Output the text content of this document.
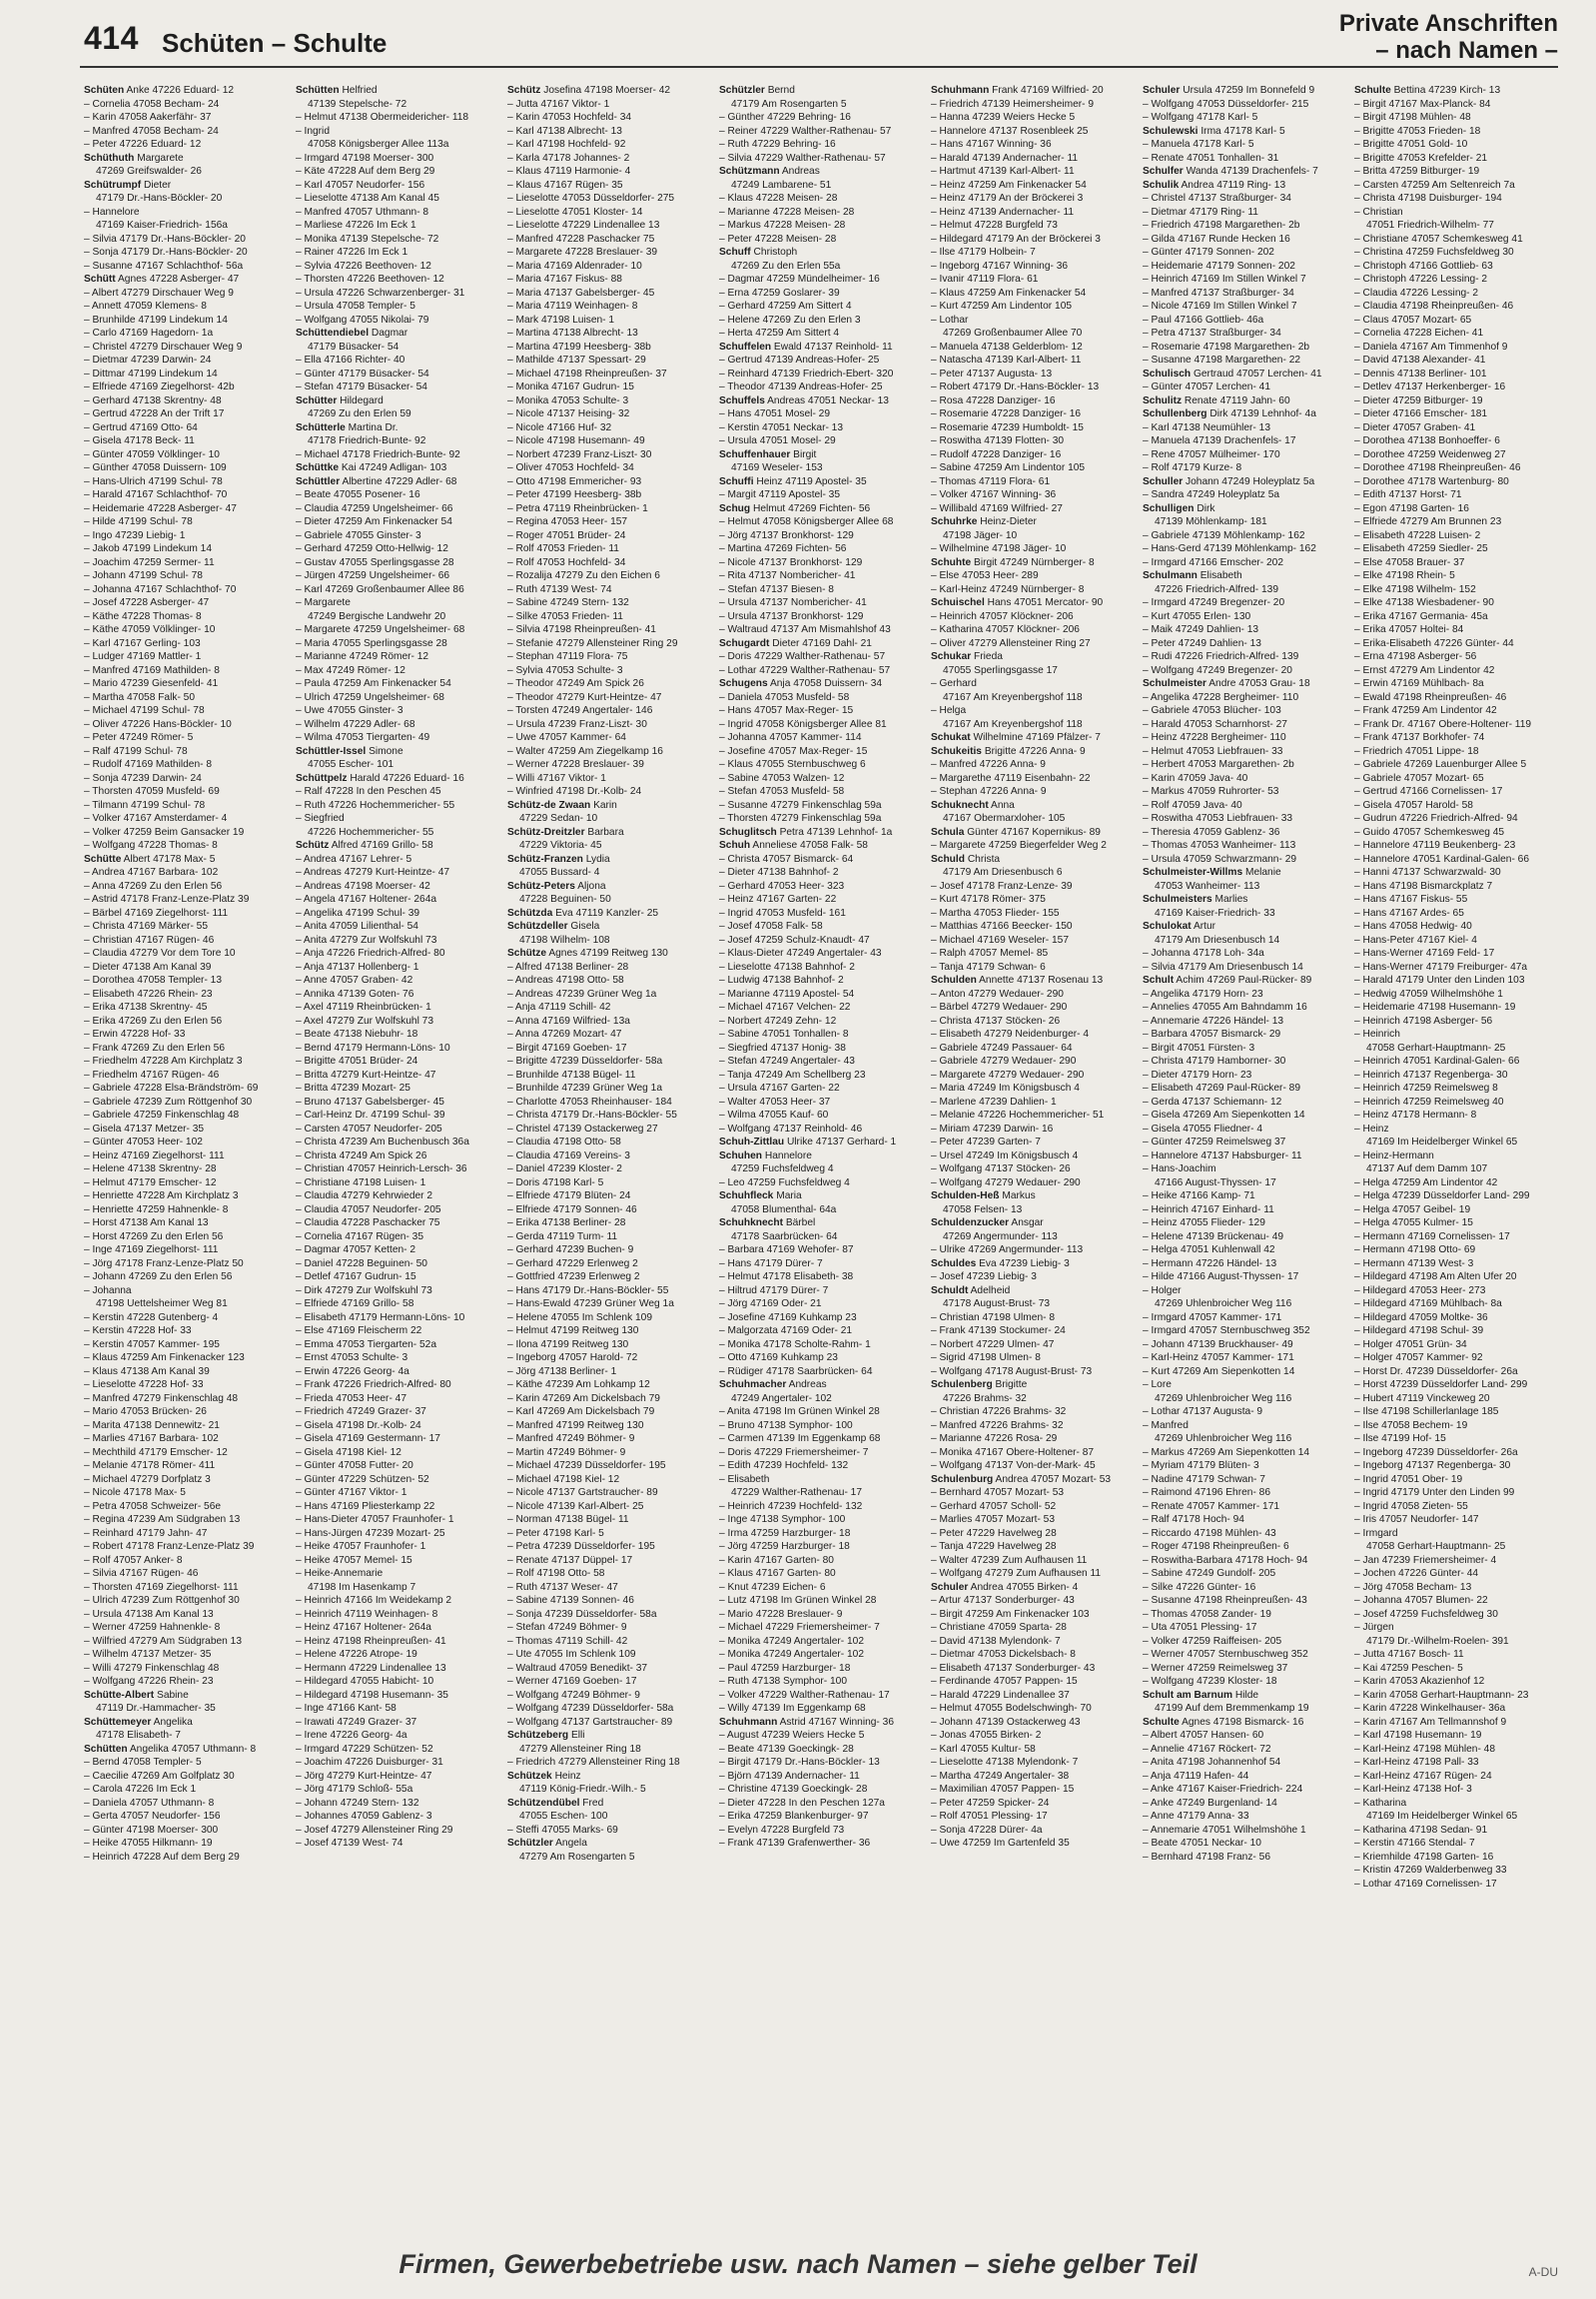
414 Schüten – Schulte
Private Anschriften
– nach Namen –
Schüten Anke 47226 Eduard- 12
– Cornelia 47058 Becham- 24
– Karin 47058 Aakerfähr- 37
– Manfred 47058 Becham- 24
– Peter 47226 Eduard- 12
Schüthuth Margarete
47269 Greifswalder- 26
Schütrumpf Dieter
47179 Dr.-Hans-Böckler- 20
– Hannelore
47169 Kaiser-Friedrich- 156a
– Silvia 47179 Dr.-Hans-Böckler- 20
– Sonja 47179 Dr.-Hans-Böckler- 20
– Susanne 47167 Schlachthof- 56a
Schütt Agnes 47228 Asberger- 47
– Albert 47279 Dirschauer Weg 9
– Annett 47059 Klemens- 8
– Brunhilde 47199 Lindekum 14
– Carlo 47169 Hagedorn- 1a
– Christel 47279 Dirschauer Weg 9
– Dietmar 47239 Darwin- 24
– Dittmar 47199 Lindekum 14
– Elfriede 47169 Ziegelhorst- 42b
– Gerhard 47138 Skrentny- 48
– Gertrud 47228 An der Trift 17
– Gertrud 47169 Otto- 64
– Gisela 47178 Beck- 11
– Günter 47059 Völklinger- 10
– Günther 47058 Duissern- 109
– Hans-Ulrich 47199 Schul- 78
– Harald 47167 Schlachthof- 70
– Heidemarie 47228 Asberger- 47
– Hilde 47199 Schul- 78
– Ingo 47239 Liebig- 1
– Jakob 47199 Lindekum 14
– Joachim 47259 Sermer- 11
– Johann 47199 Schul- 78
– Johanna 47167 Schlachthof- 70
– Josef 47228 Asberger- 47
– Käthe 47228 Thomas- 8
– Käthe 47059 Völklinger- 10
– Karl 47167 Gerling- 103
– Ludger 47169 Mattler- 1
– Manfred 47169 Mathilden- 8
– Mario 47239 Giesenfeld- 41
– Martha 47058 Falk- 50
– Michael 47199 Schul- 78
– Oliver 47226 Hans-Böckler- 10
– Peter 47249 Römer- 5
– Ralf 47199 Schul- 78
– Rudolf 47169 Mathilden- 8
– Sonja 47239 Darwin- 24
– Thorsten 47059 Musfeld- 69
– Tilmann 47199 Schul- 78
– Volker 47167 Amsterdamer- 4
– Volker 47259 Beim Gansacker 19
– Wolfgang 47228 Thomas- 8
Schütte Albert 47178 Max- 5
– Andrea 47167 Barbara- 102
– Anna 47269 Zu den Erlen 56
– Astrid 47178 Franz-Lenze-Platz 39
– Bärbel 47169 Ziegelhorst- 111
– Christa 47169 Märker- 55
– Christian 47167 Rügen- 46
– Claudia 47279 Vor dem Tore 10
– Dieter 47138 Am Kanal 39
– Dorothea 47058 Templer- 13
– Elisabeth 47226 Rhein- 23
– Erika 47138 Skrentny- 45
– Erika 47269 Zu den Erlen 56
– Erwin 47228 Hof- 33
– Frank 47269 Zu den Erlen 56
– Friedhelm 47228 Am Kirchplatz 3
– Friedhelm 47167 Rügen- 46
– Gabriele 47228 Elsa-Brändström- 69
– Gabriele 47239 Zum Röttgenhof 30
– Gabriele 47259 Finkenschlag 48
– Gisela 47137 Metzer- 35
– Günter 47053 Heer- 102
– Heinz 47169 Ziegelhorst- 111
– Helene 47138 Skrentny- 28
– Helmut 47179 Emscher- 12
– Henriette 47228 Am Kirchplatz 3
– Henriette 47259 Hahnenkle- 8
– Horst 47138 Am Kanal 13
– Horst 47269 Zu den Erlen 56
– Inge 47169 Ziegelhorst- 111
– Jörg 47178 Franz-Lenze-Platz 50
– Johann 47269 Zu den Erlen 56
– Johanna
47198 Uettelsheimer Weg 81
– Kerstin 47228 Gutenberg- 4
– Kerstin 47228 Hof- 33
– Kerstin 47057 Kammer- 195
– Klaus 47259 Am Finkenacker 123
– Klaus 47138 Am Kanal 39
– Lieselotte 47228 Hof- 33
– Manfred 47279 Finkenschlag 48
– Mario 47053 Brücken- 26
– Marita 47138 Dennewitz- 21
– Marlies 47167 Barbara- 102
– Mechthild 47179 Emscher- 12
– Melanie 47178 Römer- 411
– Michael 47279 Dorfplatz 3
– Nicole 47178 Max- 5
– Petra 47058 Schweizer- 56e
– Regina 47239 Am Südgraben 13
– Reinhard 47179 Jahn- 47
– Robert 47178 Franz-Lenze-Platz 39
– Rolf 47057 Anker- 8
– Silvia 47167 Rügen- 46
– Thorsten 47169 Ziegelhorst- 111
– Ulrich 47239 Zum Röttgenhof 30
– Ursula 47138 Am Kanal 13
– Werner 47259 Hahnenkle- 8
– Wilfried 47279 Am Südgraben 13
– Wilhelm 47137 Metzer- 35
– Willi 47279 Finkenschlag 48
– Wolfgang 47226 Rhein- 23
Schütte-Albert Sabine
47119 Dr.-Hammacher- 35
Schüttemeyer Angelika
47178 Elisabeth- 7
Schütten Angelika 47057 Uthmann- 8
– Bernd 47058 Templer- 5
– Caecilie 47269 Am Golfplatz 30
– Carola 47226 Im Eck 1
– Daniela 47057 Uthmann- 8
– Gerta 47057 Neudorfer- 156
– Günter 47198 Moerser- 300
– Heike 47055 Hilkmann- 19
– Heinrich 47228 Auf dem Berg 29
Schütten Helfried
47139 Stepelsche- 72
– Helmut 47138 Obermeidericher- 118
– Ingrid
47058 Königsberger Allee 113a
– Irmgard 47198 Moerser- 300
– Käte 47228 Auf dem Berg 29
– Karl 47057 Neudorfer- 156
– Lieselotte 47138 Am Kanal 45
– Manfred 47057 Uthmann- 8
– Marliese 47226 Im Eck 1
– Monika 47139 Stepelsche- 72
– Rainer 47226 Im Eck 1
– Sylvia 47226 Beethoven- 12
– Thorsten 47226 Beethoven- 12
– Ursula 47226 Schwarzenberger- 31
– Ursula 47058 Templer- 5
– Wolfgang 47055 Nikolai- 79
Schüttendiebel Dagmar
47179 Büsacker- 54
– Ella 47166 Richter- 40
– Günter 47179 Büsacker- 54
– Stefan 47179 Büsacker- 54
Schütter Hildegard
47269 Zu den Erlen 59
Schütterle Martina Dr.
47178 Friedrich-Bunte- 92
– Michael 47178 Friedrich-Bunte- 92
Schüttke Kai 47249 Adligan- 103
Schüttler Albertine 47229 Adler- 68
– Beate 47055 Posener- 16
– Claudia 47259 Ungelsheimer- 66
– Dieter 47259 Am Finkenacker 54
– Gabriele 47055 Ginster- 3
– Gerhard 47259 Otto-Hellwig- 12
– Gustav 47055 Sperlingsgasse 28
– Jürgen 47259 Ungelsheimer- 66
– Karl 47269 Großenbaumer Allee 86
– Margarete
47249 Bergische Landwehr 20
– Margarete 47259 Ungelsheimer- 68
– Maria 47055 Sperlingsgasse 28
– Marianne 47249 Römer- 12
– Max 47249 Römer- 12
– Paula 47259 Am Finkenacker 54
– Ulrich 47259 Ungelsheimer- 68
– Uwe 47055 Ginster- 3
– Wilhelm 47229 Adler- 68
– Wilma 47053 Tiergarten- 49
Schüttler-Issel Simone
47055 Escher- 101
Schüttpelz Harald 47226 Eduard- 16
– Ralf 47228 In den Peschen 45
– Ruth 47226 Hochemmericher- 55
– Siegfried
47226 Hochemmericher- 55
Schütz Alfred 47169 Grillo- 58
– Andrea 47167 Lehrer- 5
– Andreas 47279 Kurt-Heintze- 47
– Andreas 47198 Moerser- 42
– Angela 47167 Holtener- 264a
– Angelika 47199 Schul- 39
– Anita 47059 Lilienthal- 54
– Anita 47279 Zur Wolfskuhl 73
– Anja 47226 Friedrich-Alfred- 80
– Anja 47137 Hollenberg- 1
– Anne 47057 Graben- 42
– Annika 47139 Goten- 76
– Axel 47119 Rheinbrücken- 1
– Axel 47279 Zur Wolfskuhl 73
– Beate 47138 Niebuhr- 18
– Bernd 47179 Hermann-Löns- 10
– Brigitte 47051 Brüder- 24
– Britta 47279 Kurt-Heintze- 47
– Britta 47239 Mozart- 25
– Bruno 47137 Gabelsberger- 45
– Carl-Heinz Dr. 47199 Schul- 39
– Carsten 47057 Neudorfer- 205
– Christa 47239 Am Buchenbusch 36a
– Christa 47249 Am Spick 26
– Christian 47057 Heinrich-Lersch- 36
– Christiane 47198 Luisen- 1
– Claudia 47279 Kehrwieder 2
– Claudia 47057 Neudorfer- 205
– Claudia 47228 Paschacker 75
– Cornelia 47167 Rügen- 35
– Dagmar 47057 Ketten- 2
– Daniel 47228 Beguinen- 50
– Detlef 47167 Gudrun- 15
– Dirk 47279 Zur Wolfskuhl 73
– Elfriede 47169 Grillo- 58
– Elisabeth 47179 Hermann-Löns- 10
– Else 47169 Fleischerm 22
– Emma 47053 Tiergarten- 52a
– Ernst 47053 Schulte- 3
– Erwin 47226 Georg- 4a
– Frank 47226 Friedrich-Alfred- 80
– Frieda 47053 Heer- 47
– Friedrich 47249 Grazer- 37
– Gisela 47198 Dr.-Kolb- 24
– Gisela 47169 Gestermann- 17
– Gisela 47198 Kiel- 12
– Günter 47058 Futter- 20
– Günter 47229 Schützen- 52
– Günter 47167 Viktor- 1
– Hans 47169 Pliesterkamp 22
– Hans-Dieter 47057 Fraunhofer- 1
– Hans-Jürgen 47239 Mozart- 25
– Heike 47057 Fraunhofer- 1
– Heike 47057 Memel- 15
– Heike-Annemarie
47198 Im Hasenkamp 7
– Heinrich 47166 Im Weidekamp 2
– Heinrich 47119 Weinhagen- 8
– Heinz 47167 Holtener- 264a
– Heinz 47198 Rheinpreußen- 41
– Helene 47226 Atrope- 19
– Hermann 47229 Lindenallee 13
– Hildegard 47055 Habicht- 10
– Hildegard 47198 Husemann- 35
– Inge 47166 Kant- 58
– Irawati 47249 Grazer- 37
– Irene 47226 Georg- 4a
– Irmgard 47229 Schützen- 52
– Joachim 47226 Duisburger- 31
– Jörg 47279 Kurt-Heintze- 47
– Jörg 47179 Schloß- 55a
– Johann 47249 Stern- 132
– Johannes 47059 Gablenz- 3
– Josef 47279 Allensteiner Ring 29
– Josef 47139 West- 74
Schütz Josefina 47198 Moerser- 42
– Jutta 47167 Viktor- 1
– Karin 47053 Hochfeld- 34
– Karl 47138 Albrecht- 13
– Karl 47198 Hochfeld- 92
– Karla 47178 Johannes- 2
– Klaus 47119 Harmonie- 4
– Klaus 47167 Rügen- 35
– Lieselotte 47053 Düsseldorfer- 275
– Lieselotte 47051 Kloster- 14
– Lieselotte 47229 Lindenallee 13
– Manfred 47228 Paschacker 75
– Margarete 47228 Breslauer- 39
– Maria 47169 Aldenrader- 10
– Maria 47167 Fiskus- 88
– Maria 47137 Gabelsberger- 45
– Maria 47119 Weinhagen- 8
– Mark 47198 Luisen- 1
– Martina 47138 Albrecht- 13
– Martina 47199 Heesberg- 38b
– Mathilde 47137 Spessart- 29
– Michael 47198 Rheinpreußen- 37
– Monika 47167 Gudrun- 15
– Monika 47053 Schulte- 3
– Nicole 47137 Heising- 32
– Nicole 47166 Huf- 32
– Nicole 47198 Husemann- 49
– Norbert 47239 Franz-Liszt- 30
– Oliver 47053 Hochfeld- 34
– Otto 47198 Emmericher- 93
– Peter 47199 Heesberg- 38b
– Petra 47119 Rheinbrücken- 1
– Regina 47053 Heer- 157
– Roger 47051 Brüder- 24
– Rolf 47053 Frieden- 11
– Rolf 47053 Hochfeld- 34
– Rozalija 47279 Zu den Eichen 6
– Ruth 47139 West- 74
– Sabine 47249 Stern- 132
– Silke 47053 Frieden- 11
– Silvia 47198 Rheinpreußen- 41
– Stefanie 47279 Allensteiner Ring 29
– Stephan 47119 Flora- 75
– Sylvia 47053 Schulte- 3
– Theodor 47249 Am Spick 26
– Theodor 47279 Kurt-Heintze- 47
– Torsten 47249 Angertaler- 146
– Ursula 47239 Franz-Liszt- 30
– Uwe 47057 Kammer- 64
– Walter 47259 Am Ziegelkamp 16
– Werner 47228 Breslauer- 39
– Willi 47167 Viktor- 1
– Winfried 47198 Dr.-Kolb- 24
Schütz-de Zwaan Karin
47229 Sedan- 10
Schütz-Dreitzler Barbara
47229 Viktoria- 45
Schütz-Franzen Lydia
47055 Bussard- 4
Schütz-Peters Aljona
47228 Beguinen- 50
Schützda Eva 47119 Kanzler- 25
Schützdeller Gisela
47198 Wilhelm- 108
Schütze Agnes 47199 Reitweg 130
– Alfred 47138 Berliner- 28
– Andreas 47198 Otto- 58
– Andreas 47239 Grüner Weg 1a
– Anja 47119 Schill- 42
– Anna 47169 Wilfried- 13a
– Anna 47269 Mozart- 47
– Birgit 47169 Goeben- 17
– Brigitte 47239 Düsseldorfer- 58a
– Brunhilde 47138 Bügel- 11
– Brunhilde 47239 Grüner Weg 1a
– Charlotte 47053 Rheinhauser- 184
– Christa 47179 Dr.-Hans-Böckler- 55
– Christel 47139 Ostackerweg 27
– Claudia 47198 Otto- 58
– Claudia 47169 Vereins- 3
– Daniel 47239 Kloster- 2
– Doris 47198 Karl- 5
– Elfriede 47179 Blüten- 24
– Elfriede 47179 Sonnen- 46
– Erika 47138 Berliner- 28
– Gerda 47119 Turm- 11
– Gerhard 47239 Buchen- 9
– Gerhard 47229 Erlenweg 2
– Gottfried 47239 Erlenweg 2
– Hans 47179 Dr.-Hans-Böckler- 55
– Hans-Ewald 47239 Grüner Weg 1a
– Helene 47055 Im Schlenk 109
– Helmut 47199 Reitweg 130
– Ilona 47199 Reitweg 130
– Ingeborg 47057 Harold- 72
– Jörg 47138 Berliner- 1
– Käthe 47239 Am Lohkamp 12
– Karin 47269 Am Dickelsbach 79
– Karl 47269 Am Dickelsbach 79
– Manfred 47199 Reitweg 130
– Manfred 47249 Böhmer- 9
– Martin 47249 Böhmer- 9
– Michael 47239 Düsseldorfer- 195
– Michael 47198 Kiel- 12
– Nicole 47137 Gartstraucher- 89
– Nicole 47139 Karl-Albert- 25
– Norman 47138 Bügel- 11
– Peter 47198 Karl- 5
– Petra 47239 Düsseldorfer- 195
– Renate 47137 Düppel- 17
– Rolf 47198 Otto- 58
– Ruth 47137 Weser- 47
– Sabine 47139 Sonnen- 46
– Sonja 47239 Düsseldorfer- 58a
– Stefan 47249 Böhmer- 9
– Thomas 47119 Schill- 42
– Ute 47055 Im Schlenk 109
– Waltraud 47059 Benedikt- 37
– Werner 47169 Goeben- 17
– Wolfgang 47249 Böhmer- 9
– Wolfgang 47239 Düsseldorfer- 58a
– Wolfgang 47137 Gartstraucher- 89
Schützeberg Elli
47279 Allensteiner Ring 18
– Friedrich 47279 Allensteiner Ring 18
Schützek Heinz
47119 König-Friedr.-Wilh.- 5
Schützendübel Fred
47055 Eschen- 100
– Steffi 47055 Marks- 69
Schützler Angela
47279 Am Rosengarten 5
Schützler Bernd
47179 Am Rosengarten 5
– Günther 47229 Behring- 16
– Reiner 47229 Walther-Rathenau- 57
– Ruth 47229 Behring- 16
– Silvia 47229 Walther-Rathenau- 57
Schützmann Andreas
47249 Lambarene- 51
– Klaus 47228 Meisen- 28
– Marianne 47228 Meisen- 28
– Markus 47228 Meisen- 28
– Peter 47228 Meisen- 28
Schuff Christoph
47269 Zu den Erlen 55a
– Dagmar 47259 Mündelheimer- 16
– Erna 47259 Goslarer- 39
– Gerhard 47259 Am Sittert 4
– Helene 47269 Zu den Erlen 3
– Herta 47259 Am Sittert 4
Schuffelen Ewald 47137 Reinhold- 11
– Gertrud 47139 Andreas-Hofer- 25
– Reinhard 47139 Friedrich-Ebert- 320
– Theodor 47139 Andreas-Hofer- 25
Schuffels Andreas 47051 Neckar- 13
– Hans 47051 Mosel- 29
– Kerstin 47051 Neckar- 13
– Ursula 47051 Mosel- 29
Schuffenhauer Birgit
47169 Weseler- 153
Schuffi Heinz 47119 Apostel- 35
– Margit 47119 Apostel- 35
Schug Helmut 47269 Fichten- 56
– Helmut 47058 Königsberger Allee 68
– Jörg 47137 Bronkhorst- 129
– Martina 47269 Fichten- 56
– Nicole 47137 Bronkhorst- 129
– Rita 47137 Nombericher- 41
– Stefan 47137 Biesen- 8
– Ursula 47137 Nombericher- 41
– Ursula 47137 Bronkhorst- 129
– Waltraud 47137 Am Mismahlshof 43
Schugardt Dieter 47169 Dahl- 21
– Doris 47229 Walther-Rathenau- 57
– Lothar 47229 Walther-Rathenau- 57
Schugens Anja 47058 Duissern- 34
– Daniela 47053 Musfeld- 58
– Hans 47057 Max-Reger- 15
– Ingrid 47058 Königsberger Allee 81
– Johanna 47057 Kammer- 114
– Josefine 47057 Max-Reger- 15
– Klaus 47055 Sternbuschweg 6
– Sabine 47053 Walzen- 12
– Stefan 47053 Musfeld- 58
– Susanne 47279 Finkenschlag 59a
– Thorsten 47279 Finkenschlag 59a
Schuglitsch Petra 47139 Lehnhof- 1a
Schuh Anneliese 47058 Falk- 58
– Christa 47057 Bismarck- 64
– Dieter 47138 Bahnhof- 2
– Gerhard 47053 Heer- 323
– Heinz 47167 Garten- 22
– Ingrid 47053 Musfeld- 161
– Josef 47058 Falk- 58
– Josef 47259 Schulz-Knaudt- 47
– Klaus-Dieter 47249 Angertaler- 43
– Lieselotte 47138 Bahnhof- 2
– Ludwig 47138 Bahnhof- 2
– Marianne 47119 Apostel- 54
– Michael 47167 Velchen- 22
– Norbert 47249 Zehn- 12
– Sabine 47051 Tonhallen- 8
– Siegfried 47137 Honig- 38
– Stefan 47249 Angertaler- 43
– Tanja 47249 Am Schellberg 23
– Ursula 47167 Garten- 22
– Walter 47053 Heer- 37
– Wilma 47055 Kauf- 60
– Wolfgang 47137 Reinhold- 46
Schuh-Zittlau Ulrike 47137 Gerhard- 1
Schuhen Hannelore
47259 Fuchsfeldweg 4
– Leo 47259 Fuchsfeldweg 4
Schuhfleck Maria
47058 Blumenthal- 64a
Schuhknecht Bärbel
47178 Saarbrücken- 64
– Barbara 47169 Wehofer- 87
– Hans 47179 Dürer- 7
– Helmut 47178 Elisabeth- 38
– Hiltrud 47179 Dürer- 7
– Jörg 47169 Oder- 21
– Josefine 47169 Kuhkamp 23
– Malgorzata 47169 Oder- 21
– Monika 47178 Scholte-Rahm- 1
– Otto 47169 Kuhkamp 23
– Rüdiger 47178 Saarbrücken- 64
Schuhmacher Andreas
47249 Angertaler- 102
– Anita 47198 Im Grünen Winkel 28
– Bruno 47138 Symphor- 100
– Carmen 47139 Im Eggenkamp 68
– Doris 47229 Friemersheimer- 7
– Edith 47239 Hochfeld- 132
– Elisabeth
47229 Walther-Rathenau- 17
– Heinrich 47239 Hochfeld- 132
– Inge 47138 Symphor- 100
– Irma 47259 Harzburger- 18
– Jörg 47259 Harzburger- 18
– Karin 47167 Garten- 80
– Klaus 47167 Garten- 80
– Knut 47239 Eichen- 6
– Lutz 47198 Im Grünen Winkel 28
– Mario 47228 Breslauer- 9
– Michael 47229 Friemersheimer- 7
– Monika 47249 Angertaler- 102
– Monika 47249 Angertaler- 102
– Paul 47259 Harzburger- 18
– Ruth 47138 Symphor- 100
– Volker 47229 Walther-Rathenau- 17
– Willy 47139 Im Eggenkamp 68
Schuhmann Astrid 47167 Winning- 36
– August 47239 Weiers Hecke 5
– Beate 47139 Goeckingk- 28
– Birgit 47179 Dr.-Hans-Böckler- 13
– Björn 47139 Andernacher- 11
– Christine 47139 Goeckingk- 28
– Dieter 47228 In den Peschen 127a
– Erika 47259 Blankenburger- 97
– Evelyn 47228 Burgfeld 73
– Frank 47139 Grafenwerther- 36
Schuhmann Frank 47169 Wilfried- 20
– Friedrich 47139 Heimersheimer- 9
– Hanna 47239 Weiers Hecke 5
– Hannelore 47137 Rosenbleek 25
– Hans 47167 Winning- 36
– Harald 47139 Andernacher- 11
– Hartmut 47139 Karl-Albert- 11
– Heinz 47259 Am Finkenacker 54
– Heinz 47179 An der Bröckerei 3
– Heinz 47139 Andernacher- 11
– Helmut 47228 Burgfeld 73
– Hildegard 47179 An der Bröckerei 3
– Ilse 47179 Holbein- 7
– Ingeborg 47167 Winning- 36
– Ivanir 47119 Flora- 61
– Klaus 47259 Am Finkenacker 54
– Kurt 47259 Am Lindentor 105
– Lothar
47269 Großenbaumer Allee 70
– Manuela 47138 Gelderblom- 12
– Natascha 47139 Karl-Albert- 11
– Peter 47137 Augusta- 13
– Robert 47179 Dr.-Hans-Böckler- 13
– Rosa 47228 Danziger- 16
– Rosemarie 47228 Danziger- 16
– Rosemarie 47239 Humboldt- 15
– Roswitha 47139 Flotten- 30
– Rudolf 47228 Danziger- 16
– Sabine 47259 Am Lindentor 105
– Thomas 47119 Flora- 61
– Volker 47167 Winning- 36
– Willibald 47169 Wilfried- 27
Schuhrke Heinz-Dieter
47198 Jäger- 10
– Wilhelmine 47198 Jäger- 10
Schuhte Birgit 47249 Nürnberger- 8
– Else 47053 Heer- 289
– Karl-Heinz 47249 Nürnberger- 8
Schuischel Hans 47051 Mercator- 90
– Heinrich 47057 Klöckner- 206
– Katharina 47057 Klöckner- 206
– Oliver 47279 Allensteiner Ring 27
Schukar Frieda
47055 Sperlingsgasse 17
– Gerhard
47167 Am Kreyenbergshof 118
– Helga
47167 Am Kreyenbergshof 118
Schukat Wilhelmine 47169 Pfälzer- 7
Schukeitis Brigitte 47226 Anna- 9
– Manfred 47226 Anna- 9
– Margarethe 47119 Eisenbahn- 22
– Stephan 47226 Anna- 9
Schuknecht Anna
47167 Obermarxloher- 105
Schula Günter 47167 Kopernikus- 89
– Margarete 47259 Biegerfelder Weg 2
Schuld Christa
47179 Am Driesenbusch 6
– Josef 47178 Franz-Lenze- 39
– Kurt 47178 Römer- 375
– Martha 47053 Flieder- 155
– Matthias 47166 Beecker- 150
– Michael 47169 Weseler- 157
– Ralph 47057 Memel- 85
– Tanja 47179 Schwan- 6
Schulden Annette 47137 Rosenau 13
– Anton 47279 Wedauer- 290
– Bärbel 47279 Wedauer- 290
– Christa 47137 Stöcken- 26
– Elisabeth 47279 Neidenburger- 4
– Gabriele 47249 Passauer- 64
– Gabriele 47279 Wedauer- 290
– Margarete 47279 Wedauer- 290
– Maria 47249 Im Königsbusch 4
– Marlene 47239 Dahlien- 1
– Melanie 47226 Hochemmericher- 51
– Miriam 47239 Darwin- 16
– Peter 47239 Garten- 7
– Ursel 47249 Im Königsbusch 4
– Wolfgang 47137 Stöcken- 26
– Wolfgang 47279 Wedauer- 290
Schulden-Heß Markus
47058 Felsen- 13
Schuldenzucker Ansgar
47269 Angermunder- 113
– Ulrike 47269 Angermunder- 113
Schuldes Eva 47239 Liebig- 3
– Josef 47239 Liebig- 3
Schuldt Adelheid
47178 August-Brust- 73
– Christian 47198 Ulmen- 8
– Frank 47139 Stockumer- 24
– Norbert 47229 Ulmen- 47
– Sigrid 47198 Ulmen- 8
– Wolfgang 47178 August-Brust- 73
Schulenberg Brigitte
47226 Brahms- 32
– Christian 47226 Brahms- 32
– Manfred 47226 Brahms- 32
– Marianne 47226 Rosa- 29
– Monika 47167 Obere-Holtener- 87
– Wolfgang 47137 Von-der-Mark- 45
Schulenburg Andrea 47057 Mozart- 53
– Bernhard 47057 Mozart- 53
– Gerhard 47057 Scholl- 52
– Marlies 47057 Mozart- 53
– Peter 47229 Havelweg 28
– Tanja 47229 Havelweg 28
– Walter 47239 Zum Aufhausen 11
– Wolfgang 47279 Zum Aufhausen 11
Schuler Andrea 47055 Birken- 4
– Artur 47137 Sonderburger- 43
– Birgit 47259 Am Finkenacker 103
– Christiane 47059 Sparta- 28
– David 47138 Mylendonk- 7
– Dietmar 47053 Dickelsbach- 8
– Elisabeth 47137 Sonderburger- 43
– Ferdinande 47057 Pappen- 15
– Harald 47229 Lindenallee 37
– Helmut 47055 Bodelschwingh- 70
– Johann 47139 Ostackerweg 43
– Jonas 47055 Birken- 2
– Karl 47055 Kultur- 58
– Lieselotte 47138 Mylendonk- 7
– Martha 47249 Angertaler- 38
– Maximilian 47057 Pappen- 15
– Peter 47259 Spicker- 24
– Rolf 47051 Plessing- 17
– Sonja 47228 Dürer- 4a
– Uwe 47259 Im Gartenfeld 35
Schuler Ursula 47259 Im Bonnefeld 9
– Wolfgang 47053 Düsseldorfer- 215
– Wolfgang 47178 Karl- 5
Schulewski Irma 47178 Karl- 5
– Manuela 47178 Karl- 5
– Renate 47051 Tonhallen- 31
Schulfer Wanda 47139 Drachenfels- 7
Schulik Andrea 47119 Ring- 13
– Christel 47137 Straßburger- 34
– Dietmar 47179 Ring- 11
– Friedrich 47198 Margarethen- 2b
– Gilda 47167 Runde Hecken 16
– Günter 47179 Sonnen- 202
– Heidemarie 47179 Sonnen- 202
– Heinrich 47169 Im Stillen Winkel 7
– Manfred 47137 Straßburger- 34
– Nicole 47169 Im Stillen Winkel 7
– Paul 47166 Gottlieb- 46a
– Petra 47137 Straßburger- 34
– Rosemarie 47198 Margarethen- 2b
– Susanne 47198 Margarethen- 22
Schulisch Gertraud 47057 Lerchen- 41
– Günter 47057 Lerchen- 41
Schulitz Renate 47119 Jahn- 60
Schullenberg Dirk 47139 Lehnhof- 4a
– Karl 47138 Neumühler- 13
– Manuela 47139 Drachenfels- 17
– Rene 47057 Mülheimer- 170
– Rolf 47179 Kurze- 8
Schuller Johann 47249 Holeyplatz 5a
– Sandra 47249 Holeyplatz 5a
Schulligen Dirk
47139 Möhlenkamp- 181
– Gabriele 47139 Möhlenkamp- 162
– Hans-Gerd 47139 Möhlenkamp- 162
– Irmgard 47166 Emscher- 202
Schulmann Elisabeth
47226 Friedrich-Alfred- 139
– Irmgard 47249 Bregenzer- 20
– Kurt 47055 Erlen- 130
– Maik 47249 Dahlien- 13
– Peter 47249 Dahlien- 13
– Rudi 47226 Friedrich-Alfred- 139
– Wolfgang 47249 Bregenzer- 20
Schulmeister Andre 47053 Grau- 18
– Angelika 47228 Bergheimer- 110
– Gabriele 47053 Blücher- 103
– Harald 47053 Scharnhorst- 27
– Heinz 47228 Bergheimer- 110
– Helmut 47053 Liebfrauen- 33
– Herbert 47053 Margarethen- 2b
– Karin 47059 Java- 40
– Markus 47059 Ruhrorter- 53
– Rolf 47059 Java- 40
– Roswitha 47053 Liebfrauen- 33
– Theresia 47059 Gablenz- 36
– Thomas 47053 Wanheimer- 113
– Ursula 47059 Schwarzmann- 29
Schulmeister-Willms Melanie
47053 Wanheimer- 113
Schulmeisters Marlies
47169 Kaiser-Friedrich- 33
Schulokat Artur
47179 Am Driesenbusch 14
– Johanna 47178 Loh- 34a
– Silvia 47179 Am Driesenbusch 14
Schult Achim 47269 Paul-Rücker- 89
– Angelika 47179 Horn- 23
– Annelies 47055 Am Bahndamm 16
– Annemarie 47226 Händel- 13
– Barbara 47057 Bismarck- 29
– Birgit 47051 Fürsten- 3
– Christa 47179 Hamborner- 30
– Dieter 47179 Horn- 23
– Elisabeth 47269 Paul-Rücker- 89
– Gerda 47137 Schiemann- 12
– Gisela 47269 Am Siepenkotten 14
– Gisela 47055 Fliedner- 4
– Günter 47259 Reimelsweg 37
– Hannelore 47137 Habsburger- 11
– Hans-Joachim
47166 August-Thyssen- 17
– Heike 47166 Kamp- 71
– Heinrich 47167 Einhard- 11
– Heinz 47055 Flieder- 129
– Helene 47139 Brückenau- 49
– Helga 47051 Kuhlenwall 42
– Hermann 47226 Händel- 13
– Hilde 47166 August-Thyssen- 17
– Holger
47269 Uhlenbroicher Weg 116
– Irmgard 47057 Kammer- 171
– Irmgard 47057 Sternbuschweg 352
– Johann 47139 Bruckhauser- 49
– Karl-Heinz 47057 Kammer- 171
– Kurt 47269 Am Siepenkotten 14
– Lore
47269 Uhlenbroicher Weg 116
– Lothar 47137 Augusta- 9
– Manfred
47269 Uhlenbroicher Weg 116
– Markus 47269 Am Siepenkotten 14
– Myriam 47179 Blüten- 3
– Nadine 47179 Schwan- 7
– Raimond 47196 Ehren- 86
– Renate 47057 Kammer- 171
– Ralf 47178 Hoch- 94
– Riccardo 47198 Mühlen- 43
– Roger 47198 Rheinpreußen- 6
– Roswitha-Barbara 47178 Hoch- 94
– Sabine 47249 Gundolf- 205
– Silke 47226 Günter- 16
– Susanne 47198 Rheinpreußen- 43
– Thomas 47058 Zander- 19
– Uta 47051 Plessing- 17
– Volker 47259 Raiffeisen- 205
– Werner 47057 Sternbuschweg 352
– Werner 47259 Reimelsweg 37
– Wolfgang 47239 Kloster- 18
Schult am Barnum Hilde
47199 Auf dem Bremmenkamp 19
Schulte Agnes 47198 Bismarck- 16
– Albert 47057 Hansen- 60
– Annelie 47167 Röckert- 72
– Anita 47198 Johannenhof 54
– Anja 47119 Hafen- 44
– Anke 47167 Kaiser-Friedrich- 224
– Anke 47249 Burgenland- 14
– Anne 47179 Anna- 33
– Annemarie 47051 Wilhelmshöhe 1
– Beate 47051 Neckar- 10
– Bernhard 47198 Franz- 56
Schulte Bettina 47239 Kirch- 13
– Birgit 47167 Max-Planck- 84
– Birgit 47198 Mühlen- 48
– Brigitte 47053 Frieden- 18
– Brigitte 47051 Gold- 10
– Brigitte 47053 Krefelder- 21
– Britta 47259 Bitburger- 19
– Carsten 47259 Am Seltenreich 7a
– Christa 47198 Duisburger- 194
– Christian
47051 Friedrich-Wilhelm- 77
– Christiane 47057 Schemkesweg 41
– Christina 47259 Fuchsfeldweg 30
– Christoph 47166 Gottlieb- 63
– Christoph 47226 Lessing- 2
– Claudia 47226 Lessing- 2
– Claudia 47198 Rheinpreußen- 46
– Claus 47057 Mozart- 65
– Cornelia 47228 Eichen- 41
– Daniela 47167 Am Timmenhof 9
– David 47138 Alexander- 41
– Dennis 47138 Berliner- 101
– Detlev 47137 Herkenberger- 16
– Dieter 47259 Bitburger- 19
– Dieter 47166 Emscher- 181
– Dieter 47057 Graben- 41
– Dorothea 47138 Bonhoeffer- 6
– Dorothee 47259 Weidenweg 27
– Dorothee 47198 Rheinpreußen- 46
– Dorothee 47178 Wartenburg- 80
– Edith 47137 Horst- 71
– Egon 47198 Garten- 16
– Elfriede 47279 Am Brunnen 23
– Elisabeth 47228 Luisen- 2
– Elisabeth 47259 Siedler- 25
– Else 47058 Brauer- 37
– Elke 47198 Rhein- 5
– Elke 47198 Wilhelm- 152
– Elke 47138 Wiesbadener- 90
– Erika 47167 Germania- 45a
– Erika 47057 Holtei- 84
– Erika-Elisabeth 47226 Günter- 44
– Erna 47198 Asberger- 56
– Ernst 47279 Am Lindentor 42
– Erwin 47169 Mühlbach- 8a
– Ewald 47198 Rheinpreußen- 46
– Frank 47259 Am Lindentor 42
– Frank Dr. 47167 Obere-Holtener- 119
– Frank 47137 Borkhofer- 74
– Friedrich 47051 Lippe- 18
– Gabriele 47269 Lauenburger Allee 5
– Gabriele 47057 Mozart- 65
– Gertrud 47166 Cornelissen- 17
– Gisela 47057 Harold- 58
– Gudrun 47226 Friedrich-Alfred- 94
– Guido 47057 Schemkesweg 45
– Hannelore 47119 Beukenberg- 23
– Hannelore 47051 Kardinal-Galen- 66
– Hanni 47137 Schwarzwald- 30
– Hans 47198 Bismarckplatz 7
– Hans 47167 Fiskus- 55
– Hans 47167 Ardes- 65
– Hans 47058 Hedwig- 40
– Hans-Peter 47167 Kiel- 4
– Hans-Werner 47169 Feld- 17
– Hans-Werner 47179 Freiburger- 47a
– Harald 47179 Unter den Linden 103
– Hedwig 47059 Wilhelmshöhe 1
– Heidemarie 47198 Husemann- 19
– Heinrich 47198 Asberger- 56
– Heinrich
47058 Gerhart-Hauptmann- 25
– Heinrich 47051 Kardinal-Galen- 66
– Heinrich 47137 Regenberga- 30
– Heinrich 47259 Reimelsweg 8
– Heinrich 47259 Reimelsweg 40
– Heinz 47178 Hermann- 8
– Heinz
47169 Im Heidelberger Winkel 65
– Heinz-Hermann
47137 Auf dem Damm 107
– Helga 47259 Am Lindentor 42
– Helga 47239 Düsseldorfer Land- 299
– Helga 47057 Geibel- 19
– Helga 47055 Kulmer- 15
– Hermann 47169 Cornelissen- 17
– Hermann 47198 Otto- 69
– Hermann 47139 West- 3
– Hildegard 47198 Am Alten Ufer 20
– Hildegard 47053 Heer- 273
– Hildegard 47169 Mühlbach- 8a
– Hildegard 47059 Moltke- 36
– Hildegard 47198 Schul- 39
– Holger 47051 Grün- 34
– Holger 47057 Kammer- 92
– Horst Dr. 47239 Düsseldorfer- 26a
– Horst 47239 Düsseldorfer Land- 299
– Hubert 47119 Vinckeweg 20
– Ilse 47198 Schillerlanlage 185
– Ilse 47058 Bechem- 19
– Ilse 47199 Hof- 15
– Ingeborg 47239 Düsseldorfer- 26a
– Ingeborg 47137 Regenberga- 30
– Ingrid 47051 Ober- 19
– Ingrid 47179 Unter den Linden 99
– Ingrid 47058 Zieten- 55
– Iris 47057 Neudorfer- 147
– Irmgard
47058 Gerhart-Hauptmann- 25
– Jan 47239 Friemersheimer- 4
– Jochen 47226 Günter- 44
– Jörg 47058 Becham- 13
– Johanna 47057 Blumen- 22
– Josef 47259 Fuchsfeldweg 30
– Jürgen
47179 Dr.-Wilhelm-Roelen- 391
– Jutta 47167 Bosch- 11
– Kai 47259 Peschen- 5
– Karin 47053 Akazienhof 12
– Karin 47058 Gerhart-Hauptmann- 23
– Karin 47228 Winkelhauser- 36a
– Karin 47167 Am Tellmannshof 9
– Karl 47198 Husemann- 19
– Karl-Heinz 47198 Mühlen- 48
– Karl-Heinz 47198 Pall- 33
– Karl-Heinz 47167 Rügen- 24
– Karl-Heinz 47138 Hof- 3
– Katharina
47169 Im Heidelberger Winkel 65
– Katharina 47198 Sedan- 91
– Kerstin 47166 Stendal- 7
– Kriemhilde 47198 Garten- 16
– Kristin 47269 Walderbenweg 33
– Lothar 47169 Cornelissen- 17
Firmen, Gewerbebetriebe usw. nach Namen – siehe gelber Teil	A-DU
